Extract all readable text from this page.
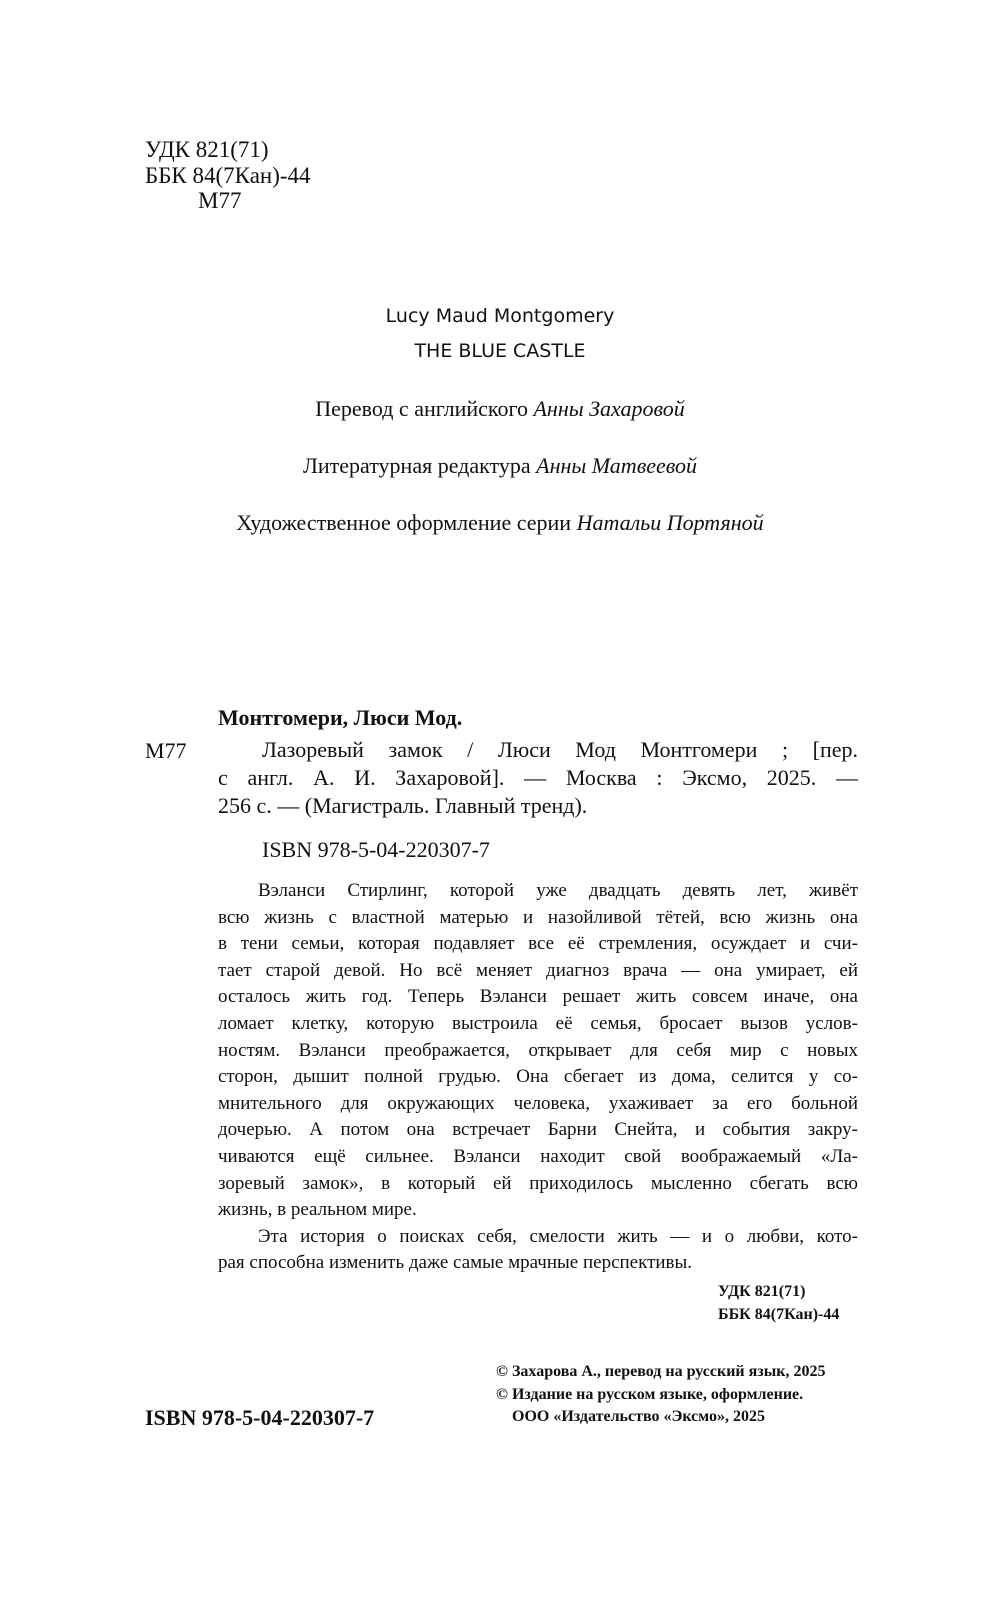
УДК 821(71)
ББК 84(7Кан)-44
М77
Lucy Maud Montgomery
THE BLUE CASTLE
Перевод с английского Анны Захаровой
Литературная редактура Анны Матвеевой
Художественное оформление серии Натальи Портяной
Монтгомери, Люси Мод.
М77	Лазоревый замок / Люси Мод Монтгомери ; [пер.
с англ. А. И. Захаровой]. — Москва : Эксмо, 2025. —
256 с. — (Магистраль. Главный тренд).
ISBN 978-5-04-220307-7
Вэланси Стирлинг, которой уже двадцать девять лет, живёт
всю жизнь с властной матерью и назойливой тётей, всю жизнь она
в тени семьи, которая подавляет все её стремления, осуждает и счи-
тает старой девой. Но всё меняет диагноз врача — она умирает, ей
осталось жить год. Теперь Вэланси решает жить совсем иначе, она
ломает клетку, которую выстроила её семья, бросает вызов услов-
ностям. Вэланси преображается, открывает для себя мир с новых
сторон, дышит полной грудью. Она сбегает из дома, селится у со-
мнительного для окружающих человека, ухаживает за его больной
дочерью. А потом она встречает Барни Снейта, и события закру-
чиваются ещё сильнее. Вэланси находит свой воображаемый «Ла-
зоревый замок», в который ей приходилось мысленно сбегать всю
жизнь, в реальном мире.
Эта история о поисках себя, смелости жить — и о любви, кото-
рая способна изменить даже самые мрачные перспективы.
УДК 821(71)
ББК 84(7Кан)-44
© Захарова А., перевод на русский язык, 2025
© Издание на русском языке, оформление.
ООО «Издательство «Эксмо», 2025
ISBN 978-5-04-220307-7
